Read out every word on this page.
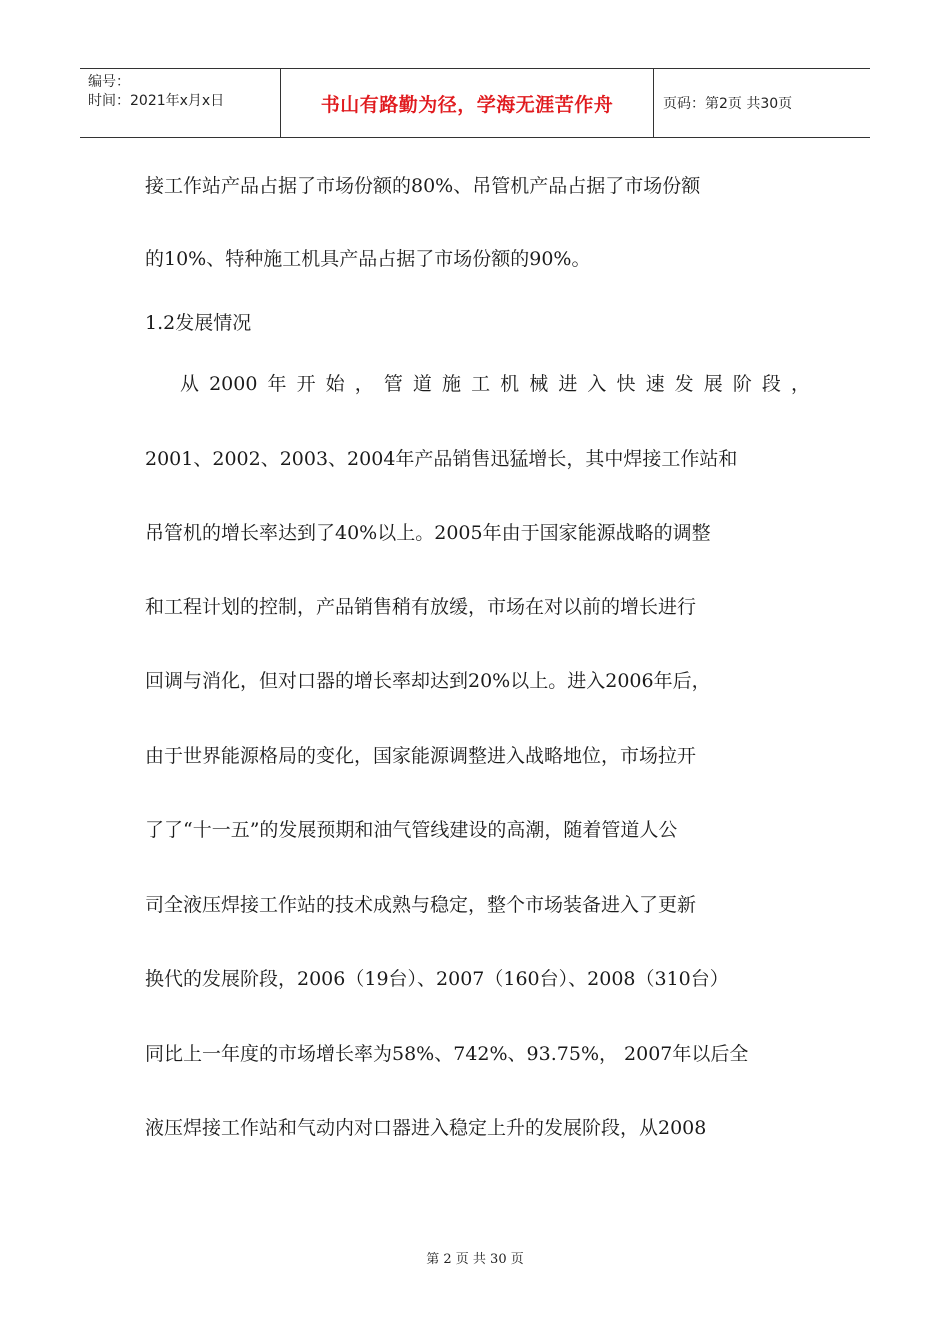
编号：
时间：2021年x月x日	书山有路勤为径，学海无涯苦作舟	页码：第2页 共30页
接工作站产品占据了市场份额的80%、吊管机产品占据了市场份额
的10%、特种施工机具产品占据了市场份额的90%。
1.2发展情况
从2000年开始，管道施工机械进入快速发展阶段，
2001、2002、2003、2004年产品销售迅猛增长，其中焊接工作站和
吊管机的增长率达到了40%以上。2005年由于国家能源战略的调整
和工程计划的控制，产品销售稍有放缓，市场在对以前的增长进行
回调与消化，但对口器的增长率却达到20%以上。进入2006年后，
由于世界能源格局的变化，国家能源调整进入战略地位，市场拉开
了了“十一五”的发展预期和油气管线建设的高潮，随着管道人公
司全液压焊接工作站的技术成熟与稳定，整个市场装备进入了更新
换代的发展阶段，2006（19台）、2007（160台）、2008（310台）
同比上一年度的市场增长率为58%、742%、93.75%， 2007年以后全
液压焊接工作站和气动内对口器进入稳定上升的发展阶段，从2008
第 2 页 共 30 页
